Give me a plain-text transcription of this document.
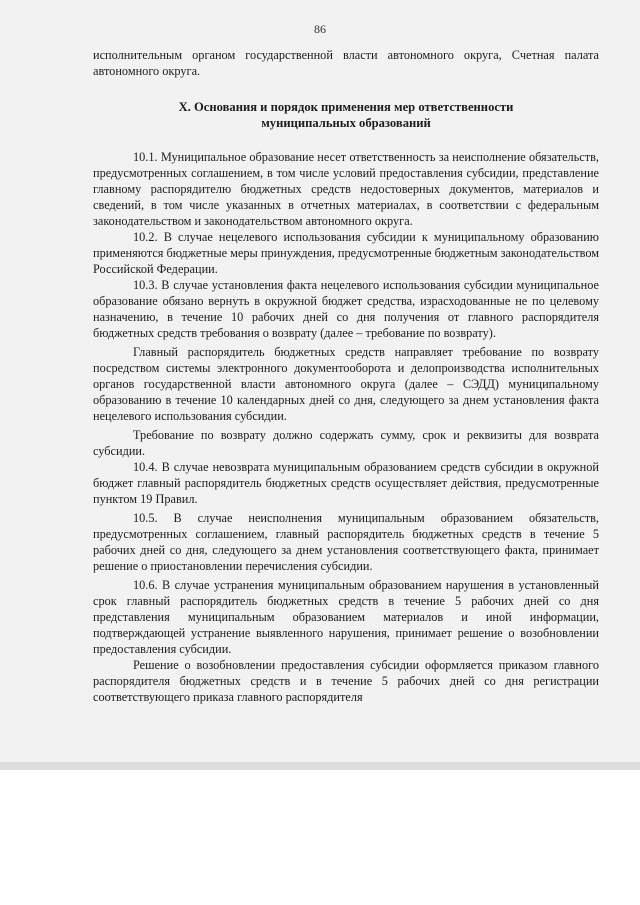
86

исполнительным органом государственной власти автономного округа, Счетная палата автономного округа.

X. Основания и порядок применения мер ответственности
муниципальных образований

10.1. Муниципальное образование несет ответственность за неисполнение обязательств, предусмотренных соглашением, в том числе условий предоставления субсидии, представление главному распорядителю бюджетных средств недостоверных документов, материалов и сведений, в том числе указанных в отчетных материалах, в соответствии с федеральным законодательством и законодательством автономного округа.

10.2. В случае нецелевого использования субсидии к муниципальному образованию применяются бюджетные меры принуждения, предусмотренные бюджетным законодательством Российской Федерации.

10.3. В случае установления факта нецелевого использования субсидии муниципальное образование обязано вернуть в окружной бюджет средства, израсходованные не по целевому назначению, в течение 10 рабочих дней со дня получения от главного распорядителя бюджетных средств требования о возврату (далее – требование по возврату).

Главный распорядитель бюджетных средств направляет требование по возврату посредством системы электронного документооборота и делопроизводства исполнительных органов государственной власти автономного округа (далее – СЭДД) муниципальному образованию в течение 10 календарных дней со дня, следующего за днем установления факта нецелевого использования субсидии.

Требование по возврату должно содержать сумму, срок и реквизиты для возврата субсидии.

10.4. В случае невозврата муниципальным образованием средств субсидии в окружной бюджет главный распорядитель бюджетных средств осуществляет действия, предусмотренные пунктом 19 Правил.

10.5. В случае неисполнения муниципальным образованием обязательств, предусмотренных соглашением, главный распорядитель бюджетных средств в течение 5 рабочих дней со дня, следующего за днем установления соответствующего факта, принимает решение о приостановлении перечисления субсидии.

10.6. В случае устранения муниципальным образованием нарушения в установленный срок главный распорядитель бюджетных средств в течение 5 рабочих дней со дня представления муниципальным образованием материалов и иной информации, подтверждающей устранение выявленного нарушения, принимает решение о возобновлении предоставления субсидии.

Решение о возобновлении предоставления субсидии оформляется приказом главного распорядителя бюджетных средств и в течение 5 рабочих дней со дня регистрации соответствующего приказа главного распорядителя
